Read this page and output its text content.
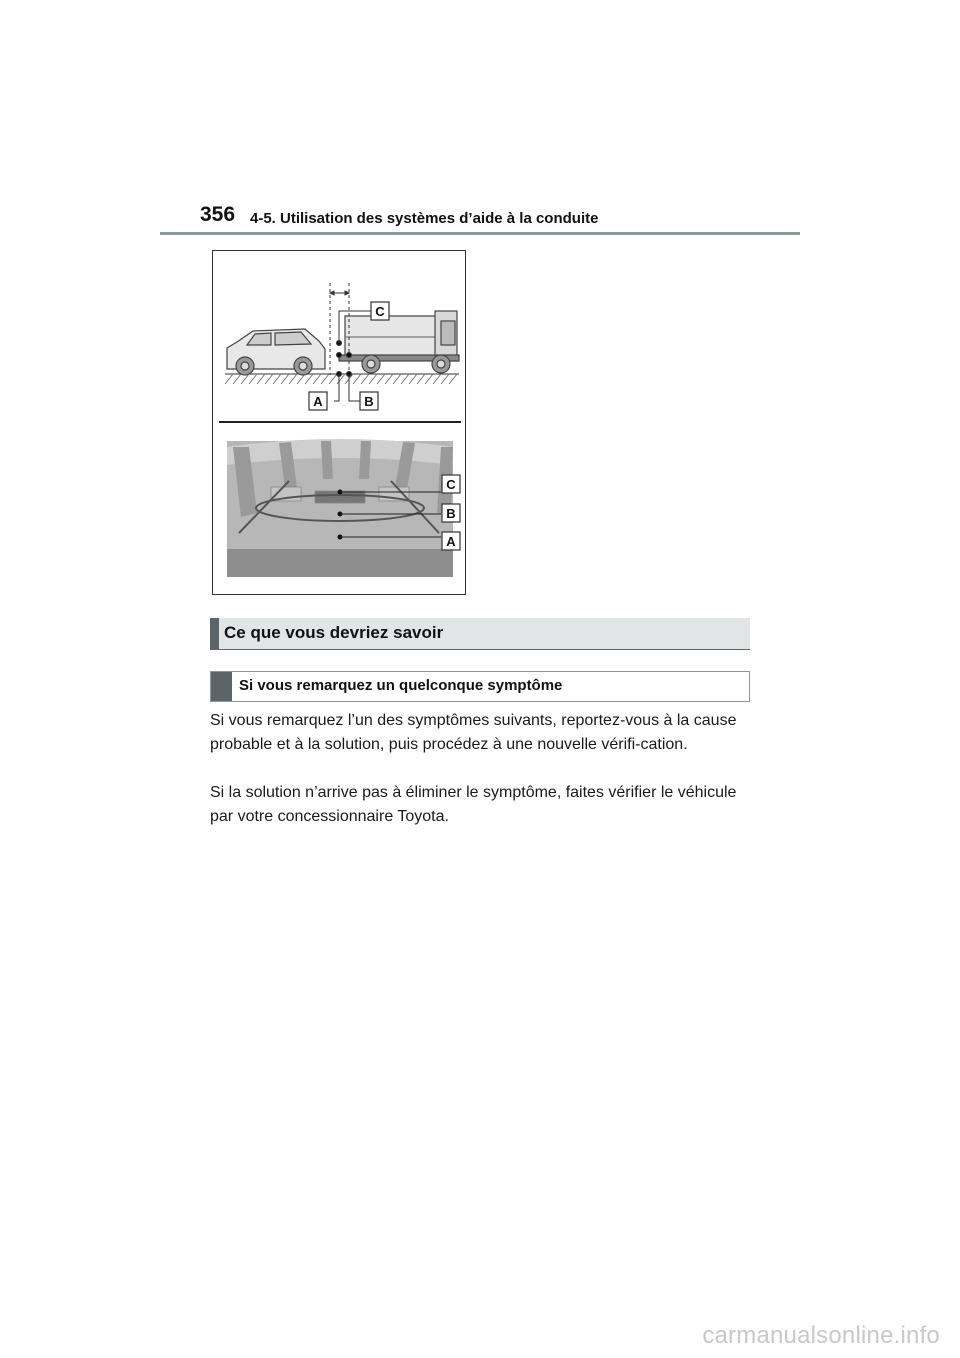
356 4-5. Utilisation des systèmes d’aide à la conduite
C
A	B
C
B
A
Ce que vous devriez savoir
Si vous remarquez un quelconque symptôme

Si vous remarquez l’un des symptômes suivants, reportez-vous à la cause probable et à la solution, puis procédez à une nouvelle vérifi-cation.

Si la solution n’arrive pas à éliminer le symptôme, faites vérifier le véhicule par votre concessionnaire Toyota.

carmanualsonline.info
